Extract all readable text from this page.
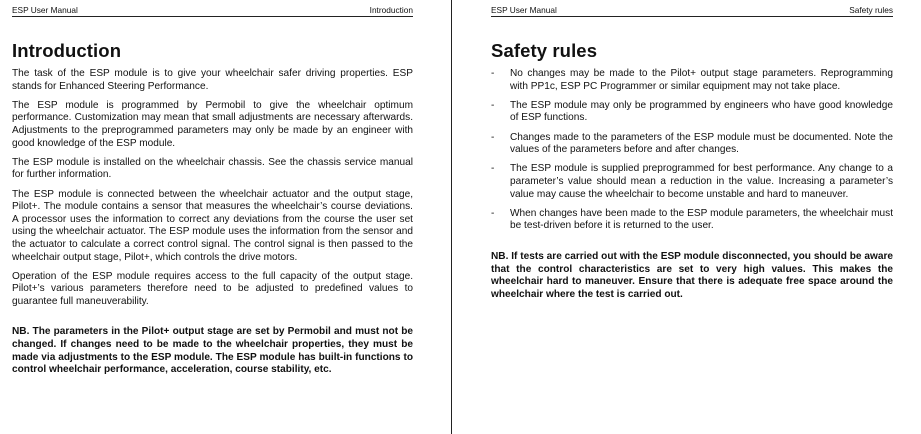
ESP User Manual	Introduction
Introduction

The task of the ESP module is to give your wheelchair safer driving properties. ESP stands for Enhanced Steering Performance.

The ESP module is programmed by Permobil to give the wheelchair optimum performance. Customization may mean that small adjustments are necessary afterwards. Adjustments to the preprogrammed parameters may only be made by an engineer with good knowledge of the ESP module.

The ESP module is installed on the wheelchair chassis. See the chassis service manual for further information.

The ESP module is connected between the wheelchair actuator and the output stage, Pilot+. The module contains a sensor that measures the wheelchair’s course deviations. A processor uses the information to correct any deviations from the course the user set using the wheelchair actuator. The ESP module uses the information from the sensor and the actuator to calculate a correct control signal. The control signal is then passed to the wheelchair output stage, Pilot+, which controls the drive motors.

Operation of the ESP module requires access to the full capacity of the output stage. Pilot+’s various parameters therefore need to be adjusted to predefined values to guarantee full maneuverability.

NB. The parameters in the Pilot+ output stage are set by Permobil and must not be changed. If changes need to be made to the wheelchair properties, they must be made via adjustments to the ESP module. The ESP module has built-in functions to control wheelchair performance, acceleration, course stability, etc.

ESP User Manual	Safety rules
Safety rules
- No changes may be made to the Pilot+ output stage parameters. Reprogramming with PP1c, ESP PC Programmer or similar equipment may not take place.
- The ESP module may only be programmed by engineers who have good knowledge of ESP functions.
- Changes made to the parameters of the ESP module must be documented. Note the values of the parameters before and after changes.
- The ESP module is supplied preprogrammed for best performance. Any change to a parameter’s value should mean a reduction in the value. Increasing a parameter’s value may cause the wheelchair to become unstable and hard to maneuver.
- When changes have been made to the ESP module parameters, the wheelchair must be test-driven before it is returned to the user.

NB. If tests are carried out with the ESP module disconnected, you should be aware that the control characteristics are set to very high values. This makes the wheelchair hard to maneuver. Ensure that there is adequate free space around the wheelchair where the test is carried out.
